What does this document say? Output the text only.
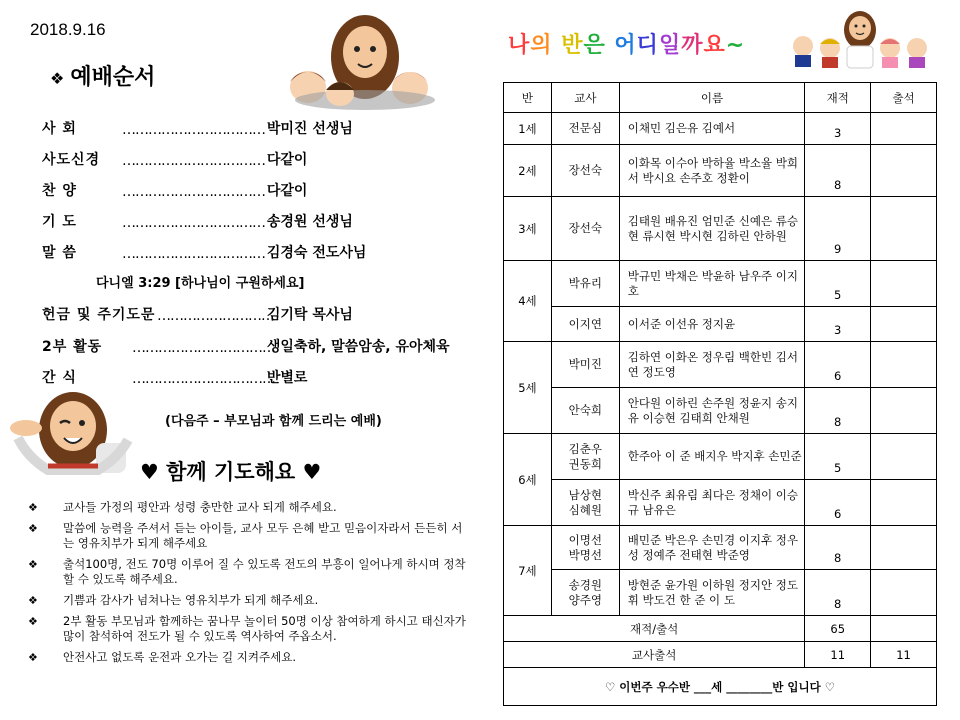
2018.9.16
❖ 예배순서
사 회	…………………………… 박미진 선생님
사도신경 …………………………… 다같이
찬 양	…………………………… 다같이
기 도	…………………………… 송경원 선생님
말 씀	…………………………… 김경숙 전도사님
헌금 및 주기도문 ……………………… 김기탁 목사님
2부 활동 …………………………… 생일축하, 말씀암송, 유아체육
간 식	…………………………… 반별로
다니엘 3:29 [하나님이 구원하세요]
(다음주 – 부모님과 함께 드리는 예배)
♥ 함께 기도해요 ♥
❖ 교사들 가정의 평안과 성령 충만한 교사 되게 해주세요.
❖ 말씀에 능력을 주셔서 듣는 아이들, 교사 모두 은혜 받고 믿음이자라서 든든히 서는 영유치부가 되게 해주세요
❖ 출석100명, 전도 70명 이루어 질 수 있도록 전도의 부흥이 일어나게 하시며 정착할 수 있도록 해주세요.
❖ 기쁨과 감사가 넘쳐나는 영유치부가 되게 해주세요.
❖ 2부 활동 부모님과 함께하는 꿈나무 놀이터 50명 이상 참여하게 하시고 태신자가 많이 참석하여 전도가 될 수 있도록 역사하여 주옵소서.
❖ 안전사고 없도록 운전과 오가는 길 지켜주세요.
나의 반은 어디일까요~
반	교사	이름	재적	출석
1세	전문심	이채민 김은유 김예서	3	
2세	장선숙	이화목 이수아 박하율 박소율 박희서 박시요 손주호 정환이	8	
3세	장선숙	김태원 배유진 엄민준 신예은 류승현 류시현 박시현 김하린 안하원	9	
4세	박유리	박규민 박채은 박윤하 남우주 이지호	5	
	이지연	이서준 이선유 정지윤	3	
5세	박미진	김하연 이화온 정우림 백한빈 김서연 정도영	6	
	안숙희	안다원 이하린 손주원 정윤지 송지유 이승현 김태희 안채원	8	
6세	김춘우 권동희	한주아 이 준 배지우 박지후 손민준	5	
	남상현 심혜원	박신주 최유림 최다은 정채이 이승규 남유은	6	
7세	이명선 박명선	배민준 박은우 손민경 이지후 정우성 정예주 전태현 박준영	8	
	송경원 양주영	방현준 윤가원 이하원 정지안 정도휘 박도건 한 준 이 도	8	
재적/출석			65	
교사출석			11	11
♡ 이번주 우수반 ___세 ________반 입니다 ♡				
